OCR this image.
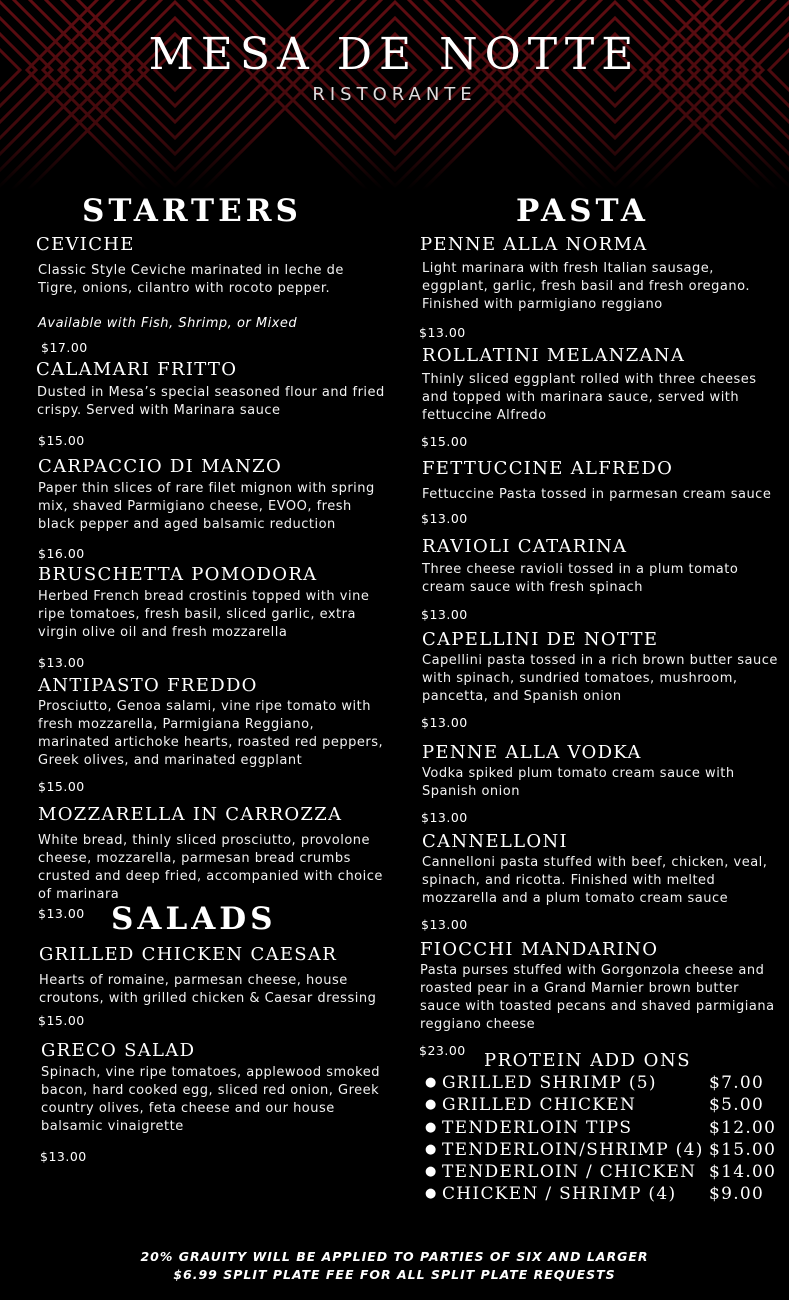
MESA DE NOTTE
RISTORANTE
STARTERS
CEVICHE
Classic Style Ceviche marinated in leche de Tigre, onions, cilantro with rocoto pepper.
Available with Fish, Shrimp, or Mixed
$17.00
CALAMARI FRITTO
Dusted in Mesa’s special seasoned flour and fried crispy. Served with Marinara sauce
$15.00
CARPACCIO DI MANZO
Paper thin slices of rare filet mignon with spring mix, shaved Parmigiano cheese, EVOO, fresh black pepper and aged balsamic reduction
$16.00
BRUSCHETTA POMODORA
Herbed French bread crostinis topped with vine ripe tomatoes, fresh basil, sliced garlic, extra virgin olive oil and fresh mozzarella
$13.00
ANTIPASTO FREDDO
Prosciutto, Genoa salami, vine ripe tomato with fresh mozzarella, Parmigiana Reggiano, marinated artichoke hearts, roasted red peppers, Greek olives, and marinated eggplant
$15.00
MOZZARELLA IN CARROZZA
White bread, thinly sliced prosciutto, provolone cheese, mozzarella, parmesan bread crumbs crusted and deep fried, accompanied with choice of marinara
$13.00 SALADS
GRILLED CHICKEN CAESAR
Hearts of romaine, parmesan cheese, house croutons, with grilled chicken & Caesar dressing
$15.00
GRECO SALAD
Spinach, vine ripe tomatoes, applewood smoked bacon, hard cooked egg, sliced red onion, Greek country olives, feta cheese and our house balsamic vinaigrette
$13.00
PASTA
PENNE ALLA NORMA
Light marinara with fresh Italian sausage, eggplant, garlic, fresh basil and fresh oregano. Finished with parmigiano reggiano
$13.00
ROLLATINI MELANZANA
Thinly sliced eggplant rolled with three cheeses and topped with marinara sauce, served with fettuccine Alfredo
$15.00
FETTUCCINE ALFREDO
Fettuccine Pasta tossed in parmesan cream sauce
$13.00
RAVIOLI CATARINA
Three cheese ravioli tossed in a plum tomato cream sauce with fresh spinach
$13.00
CAPELLINI DE NOTTE
Capellini pasta tossed in a rich brown butter sauce with spinach, sundried tomatoes, mushroom, pancetta, and Spanish onion
$13.00
PENNE ALLA VODKA
Vodka spiked plum tomato cream sauce with Spanish onion
$13.00
CANNELLONI
Cannelloni pasta stuffed with beef, chicken, veal, spinach, and ricotta. Finished with melted mozzarella and a plum tomato cream sauce
$13.00
FIOCCHI MANDARINO
Pasta purses stuffed with Gorgonzola cheese and roasted pear in a Grand Marnier brown butter sauce with toasted pecans and shaved parmigiana reggiano cheese
$23.00	PROTEIN ADD ONS
● GRILLED SHRIMP (5)	$7.00
● GRILLED CHICKEN	$5.00
● TENDERLOIN TIPS	$12.00
● TENDERLOIN/SHRIMP (4) $15.00
● TENDERLOIN / CHICKEN $14.00
● CHICKEN / SHRIMP (4) $9.00
20% GRAUITY WILL BE APPLIED TO PARTIES OF SIX AND LARGER
$6.99 SPLIT PLATE FEE FOR ALL SPLIT PLATE REQUESTS
